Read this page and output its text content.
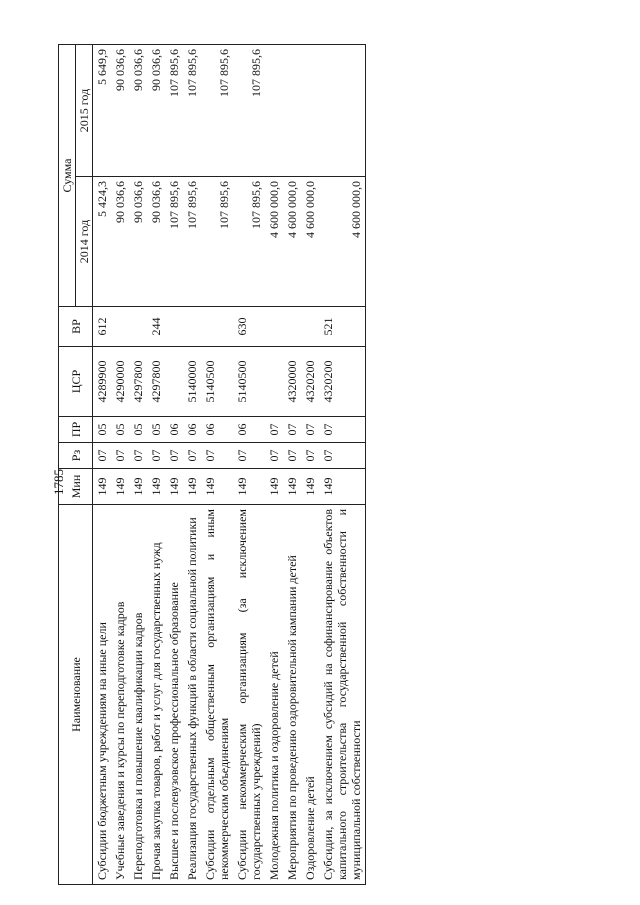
1785
Наименование	Мин	Рз	ПР	ЦСР	ВР	Сумма	
						2014 год	2015 год
Субсидии бюджетным учреждениям на иные цели	149	07	05	4289900	612	5 424,3	5 649,9
Учебные заведения и курсы по переподготовке кадров	149	07	05	4290000		90 036,6	90 036,6
Переподготовка и повышение квалификации кадров	149	07	05	4297800		90 036,6	90 036,6
Прочая закупка товаров, работ и услуг для государственных нужд	149	07	05	4297800	244	90 036,6	90 036,6
Высшее и послевузовское профессиональное образование	149	07	06			107 895,6	107 895,6
Реализация государственных функций в области социальной политики	149	07	06	5140000		107 895,6	107 895,6
Субсидии отдельным общественным организациям и иным некоммерческим объединениям	149	07	06	5140500		107 895,6	107 895,6
Субсидии некоммерческим организациям (за исключением государственных учреждений)	149	07	06	5140500	630	107 895,6	107 895,6
Молодежная политика и оздоровление детей	149	07	07			4 600 000,0	
Мероприятия по проведению оздоровительной кампании детей	149	07	07	4320000		4 600 000,0	
Оздоровление детей	149	07	07	4320200		4 600 000,0	
Субсидии, за исключением субсидий на софинансирование объектов капитального строительства государственной собственности и муниципальной собственности	149	07	07	4320200	521	4 600 000,0	
